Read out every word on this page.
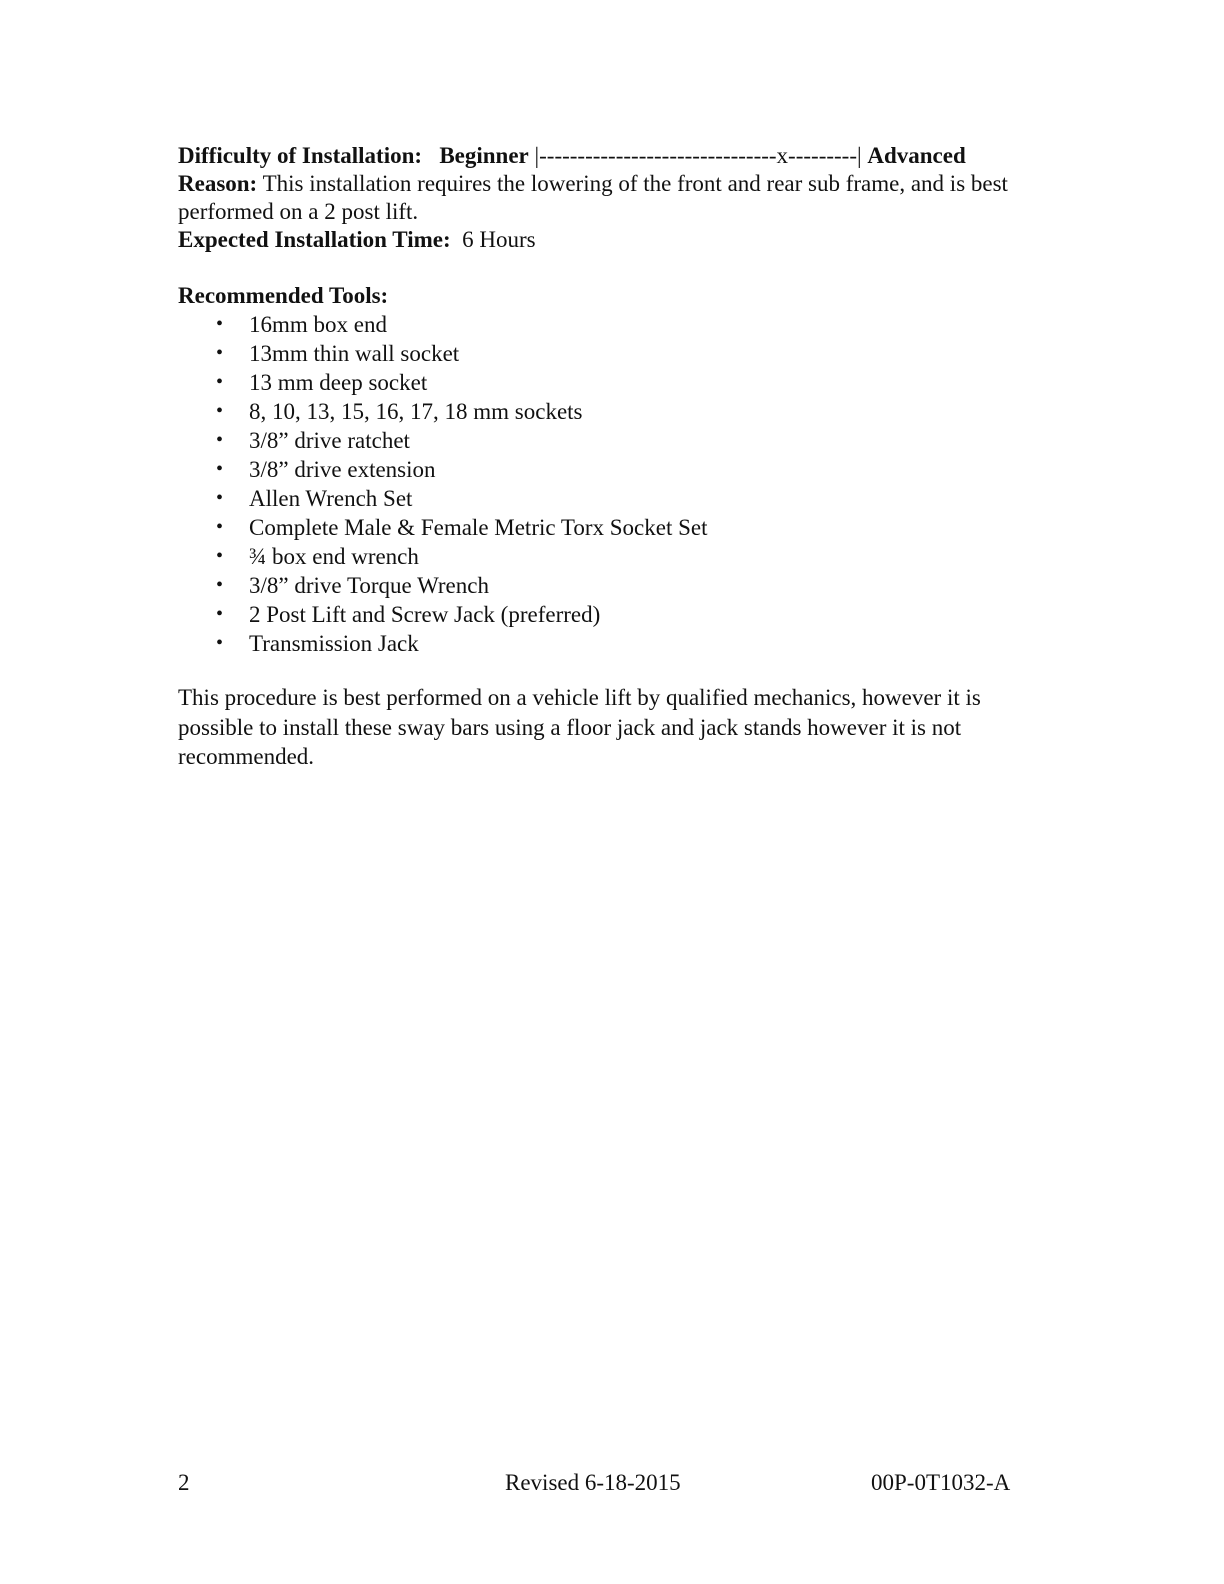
Difficulty of Installation: Beginner |-------------------------------x---------| Advanced
Reason: This installation requires the lowering of the front and rear sub frame, and is best performed on a 2 post lift.
Expected Installation Time: 6 Hours
Recommended Tools:
• 16mm box end
• 13mm thin wall socket
• 13 mm deep socket
• 8, 10, 13, 15, 16, 17, 18 mm sockets
• 3/8” drive ratchet
• 3/8” drive extension
• Allen Wrench Set
• Complete Male & Female Metric Torx Socket Set
• ¾ box end wrench
• 3/8” drive Torque Wrench
• 2 Post Lift and Screw Jack (preferred)
• Transmission Jack

This procedure is best performed on a vehicle lift by qualified mechanics, however it is possible to install these sway bars using a floor jack and jack stands however it is not recommended.

2	Revised 6-18-2015	00P-0T1032-A
